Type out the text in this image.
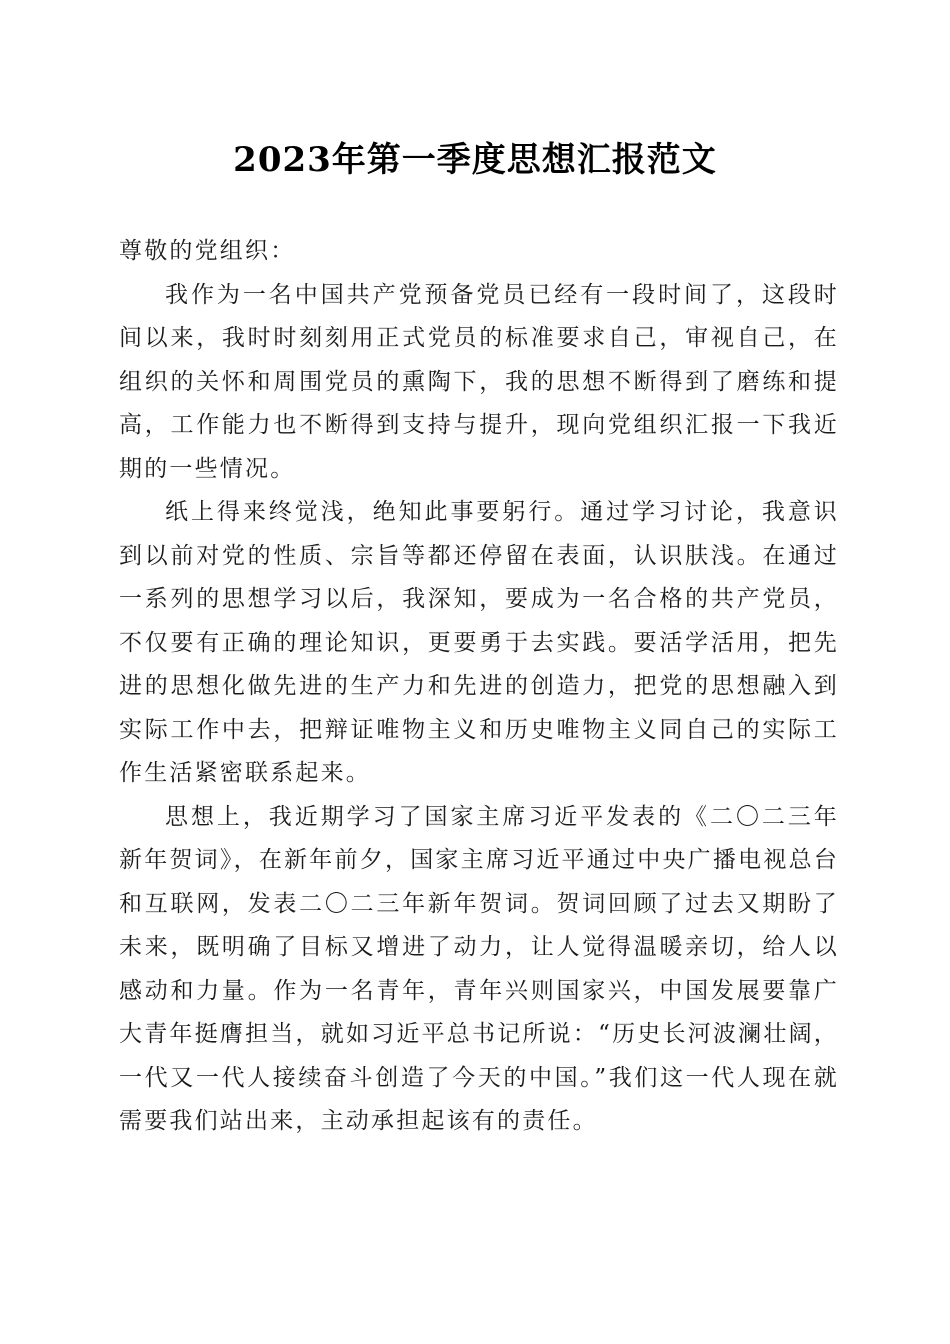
2023年第一季度思想汇报范文

尊敬的党组织：

我作为一名中国共产党预备党员已经有一段时间了，这段时间以来，我时时刻刻用正式党员的标准要求自己，审视自己，在组织的关怀和周围党员的熏陶下，我的思想不断得到了磨练和提高，工作能力也不断得到支持与提升，现向党组织汇报一下我近期的一些情况。

纸上得来终觉浅，绝知此事要躬行。通过学习讨论，我意识到以前对党的性质、宗旨等都还停留在表面，认识肤浅。在通过一系列的思想学习以后，我深知，要成为一名合格的共产党员，不仅要有正确的理论知识，更要勇于去实践。要活学活用，把先进的思想化做先进的生产力和先进的创造力，把党的思想融入到实际工作中去，把辩证唯物主义和历史唯物主义同自己的实际工作生活紧密联系起来。

思想上，我近期学习了国家主席习近平发表的《二〇二三年新年贺词》，在新年前夕，国家主席习近平通过中央广播电视总台和互联网，发表二〇二三年新年贺词。贺词回顾了过去又期盼了未来，既明确了目标又增进了动力，让人觉得温暖亲切，给人以感动和力量。作为一名青年，青年兴则国家兴，中国发展要靠广大青年挺膺担当，就如习近平总书记所说：“历史长河波澜壮阔，一代又一代人接续奋斗创造了今天的中国。”我们这一代人现在就需要我们站出来，主动承担起该有的责任。
